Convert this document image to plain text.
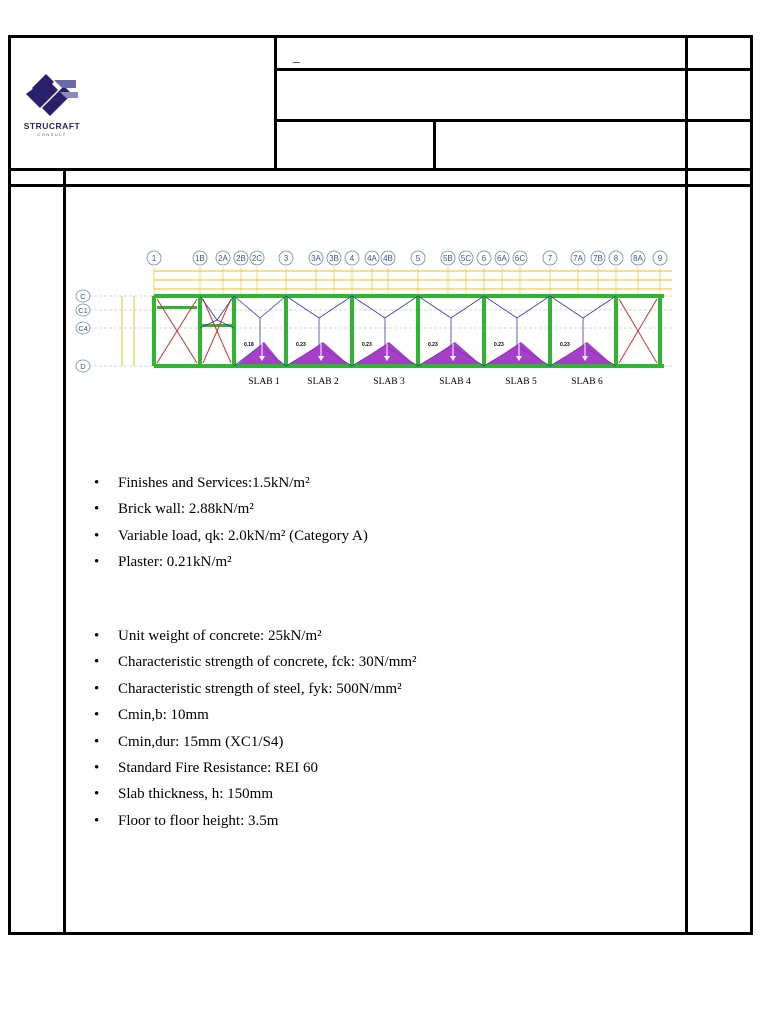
_
STRUCRAFT
CONSULT
0.18	0.23	0.23	0.23	0.23	0.23
1	1B 2A 2B 2C	3	3A 3B 4 4A 4B	5	5B 5C 6 6A 6C	7	7A 7B 8 8A 9
C
C1
C4
D
SLAB 1	SLAB 2	SLAB 3	SLAB 4	SLAB 5	SLAB 6
• Finishes and Services:1.5kN/m²
• Brick wall: 2.88kN/m²
• Variable load, qk: 2.0kN/m² (Category A)
• Plaster: 0.21kN/m²
• Unit weight of concrete: 25kN/m²
• Characteristic strength of concrete, fck: 30N/mm²
• Characteristic strength of steel, fyk: 500N/mm²
• Cmin,b: 10mm
• Cmin,dur: 15mm (XC1/S4)
• Standard Fire Resistance: REI 60
• Slab thickness, h: 150mm
• Floor to floor height: 3.5m
